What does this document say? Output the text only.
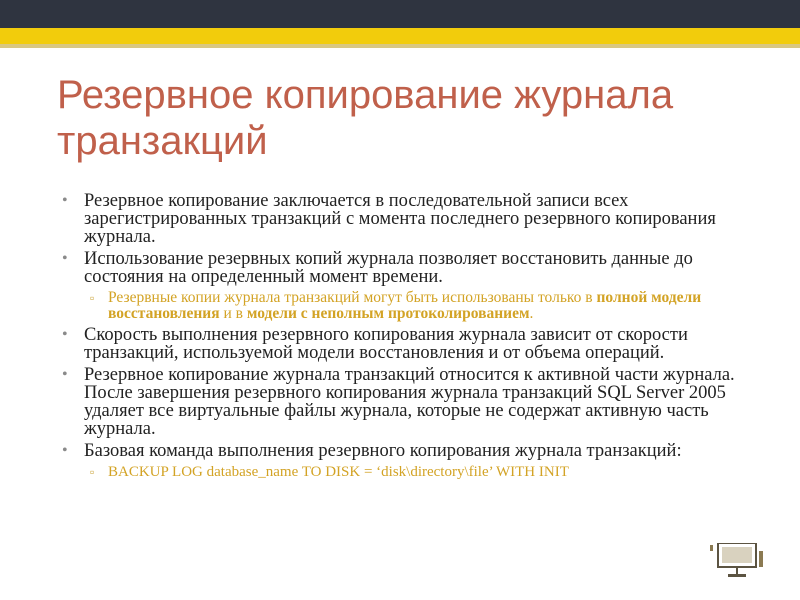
Резервное копирование журнала транзакций
• Резервное копирование заключается в последовательной записи всех зарегистрированных транзакций с момента последнего резервного копирования журнала.
• Использование резервных копий журнала позволяет восстановить данные до состояния на определенный момент времени.
▫ Резервные копии журнала транзакций могут быть использованы только в полной модели восстановления и в модели с неполным протоколированием.
• Скорость выполнения резервного копирования журнала зависит от скорости транзакций, используемой модели восстановления и от объема операций.
• Резервное копирование журнала транзакций относится к активной части журнала. После завершения резервного копирования журнала транзакций SQL Server 2005 удаляет все виртуальные файлы журнала, которые не содержат активную часть журнала.
• Базовая команда выполнения резервного копирования журнала транзакций:
▫ BACKUP LOG database_name TO DISK = ‘disk\directory\file’ WITH INIT
